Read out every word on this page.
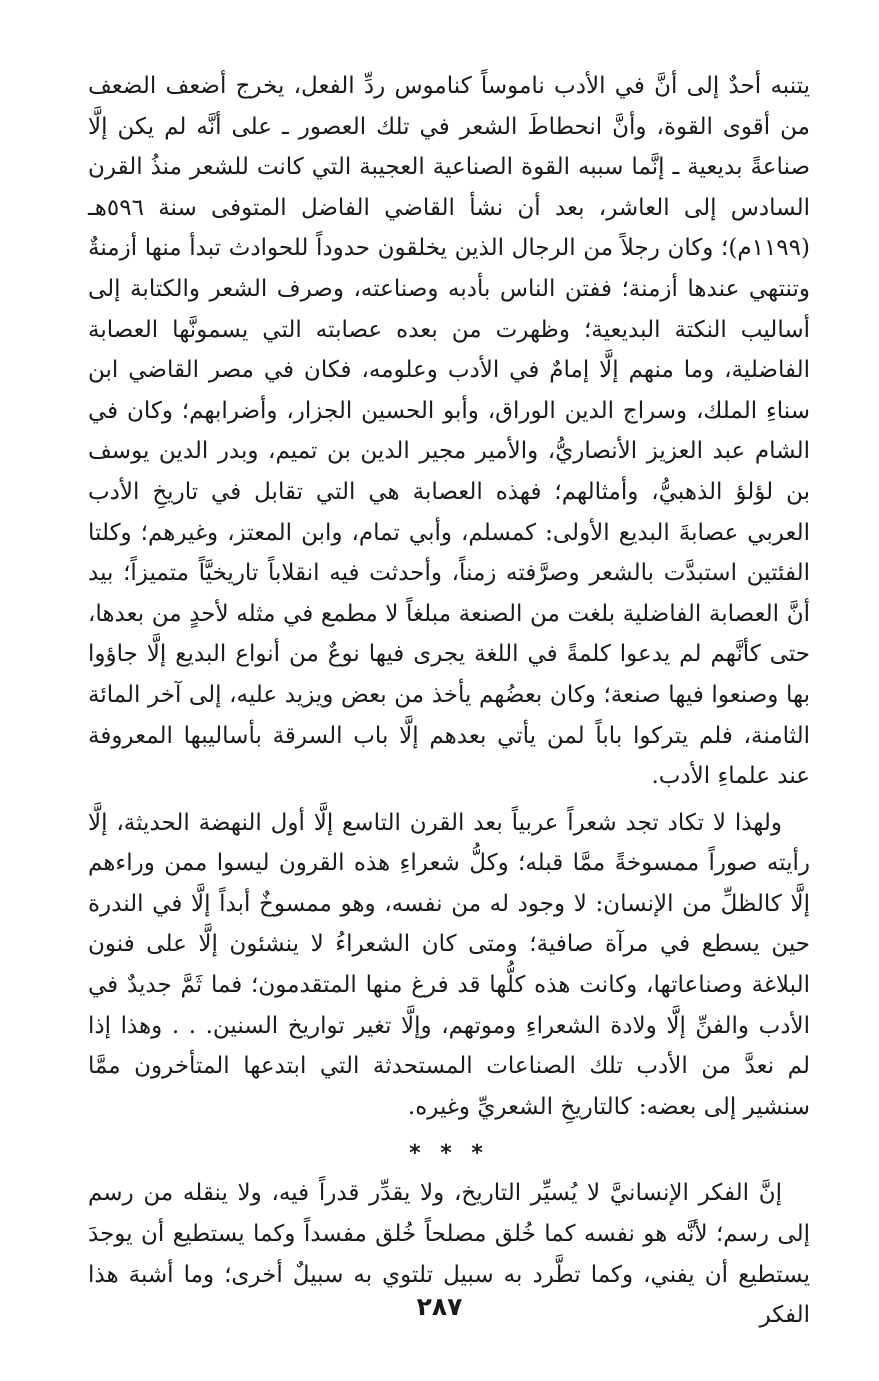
يتنبه أحدٌ إلى أنَّ في الأدب ناموساً كناموس ردِّ الفعل، يخرج أضعف الضعف من أقوى القوة، وأنَّ انحطاطَ الشعر في تلك العصور ـ على أنَّه لم يكن إلَّا صناعةً بديعية ـ إنَّما سببه القوة الصناعية العجيبة التي كانت للشعر منذُ القرن السادس إلى العاشر، بعد أن نشأ القاضي الفاضل المتوفى سنة ٥٩٦هـ (١١٩٩م)؛ وكان رجلاً من الرجال الذين يخلقون حدوداً للحوادث تبدأ منها أزمنةٌ وتنتهي عندها أزمنة؛ ففتن الناس بأدبه وصناعته، وصرف الشعر والكتابة إلى أساليب النكتة البديعية؛ وظهرت من بعده عصابته التي يسمونَّها العصابة الفاضلية، وما منهم إلَّا إمامٌ في الأدب وعلومه، فكان في مصر القاضي ابن سناءِ الملك، وسراج الدين الوراق، وأبو الحسين الجزار، وأضرابهم؛ وكان في الشام عبد العزيز الأنصاريُّ، والأمير مجير الدين بن تميم، وبدر الدين يوسف بن لؤلؤ الذهبيُّ، وأمثالهم؛ فهذه العصابة هي التي تقابل في تاريخِ الأدب العربي عصابةَ البديع الأولى: كمسلم، وأبي تمام، وابن المعتز، وغيرهم؛ وكلتا الفئتين استبدَّت بالشعر وصرَّفته زمناً، وأحدثت فيه انقلاباً تاريخيَّاً متميزاً؛ بيد أنَّ العصابة الفاضلية بلغت من الصنعة مبلغاً لا مطمع في مثله لأحدٍ من بعدها، حتى كأنَّهم لم يدعوا كلمةً في اللغة يجرى فيها نوعٌ من أنواع البديع إلَّا جاؤوا بها وصنعوا فيها صنعة؛ وكان بعضُهم يأخذ من بعض ويزيد عليه، إلى آخر المائة الثامنة، فلم يتركوا باباً لمن يأتي بعدهم إلَّا باب السرقة بأساليبها المعروفة عند علماءِ الأدب.

ولهذا لا تكاد تجد شعراً عربياً بعد القرن التاسع إلَّا أول النهضة الحديثة، إلَّا رأيته صوراً ممسوخةً ممَّا قبله؛ وكلُّ شعراءِ هذه القرون ليسوا ممن وراءهم إلَّا كالظلِّ من الإنسان: لا وجود له من نفسه، وهو ممسوخٌ أبداً إلَّا في الندرة حين يسطع في مرآة صافية؛ ومتى كان الشعراءُ لا ينشئون إلَّا على فنون البلاغة وصناعاتها، وكانت هذه كلُّها قد فرغ منها المتقدمون؛ فما ثَمَّ جديدٌ في الأدب والفنِّ إلَّا ولادة الشعراءِ وموتهم، وإلَّا تغير تواريخ السنين. . . وهذا إذا لم نعدَّ من الأدب تلك الصناعات المستحدثة التي ابتدعها المتأخرون ممَّا سنشير إلى بعضه: كالتاريخِ الشعريِّ وغيره.

* * *

إنَّ الفكر الإنسانيَّ لا يُسيِّر التاريخ، ولا يقدِّر قدراً فيه، ولا ينقله من رسم إلى رسم؛ لأنَّه هو نفسه كما خُلق مصلحاً خُلق مفسداً وكما يستطيع أن يوجدَ يستطيع أن يفني، وكما تطَّرد به سبيل تلتوي به سبيلٌ أخرى؛ وما أشبهَ هذا الفكر

٢٨٧
